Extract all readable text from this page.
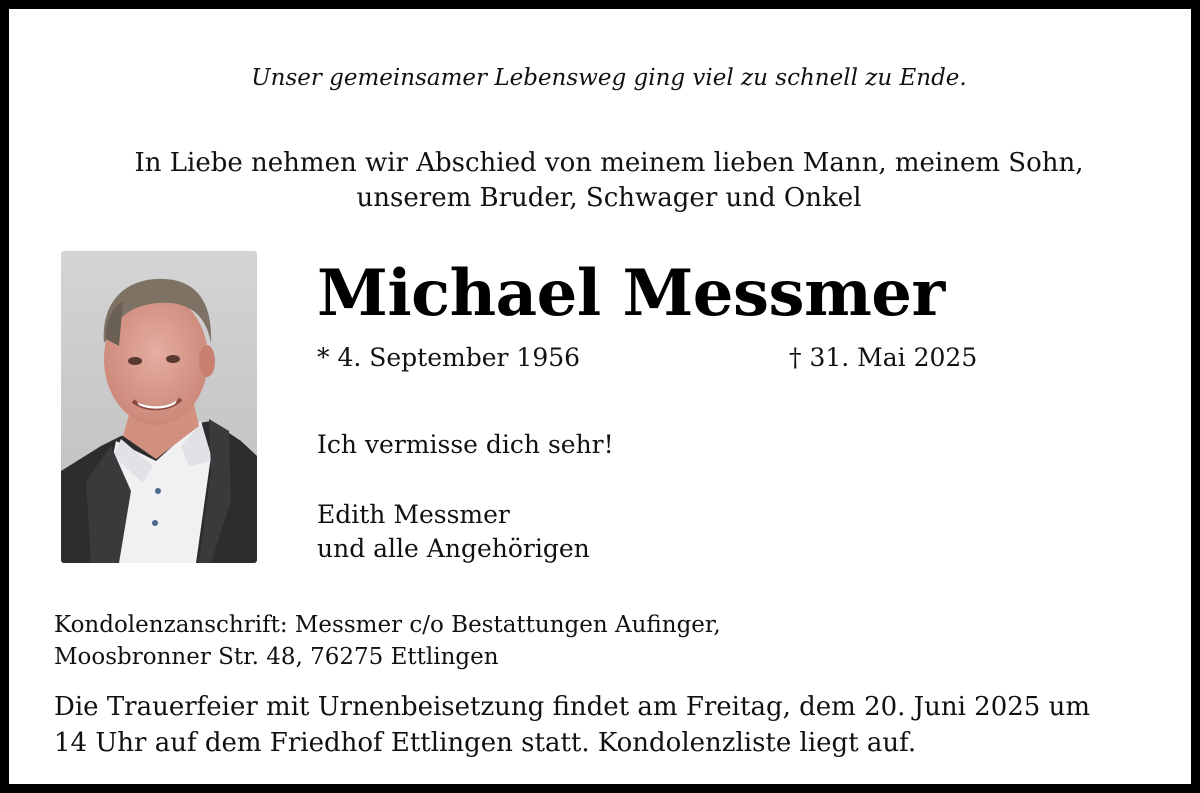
Unser gemeinsamer Lebensweg ging viel zu schnell zu Ende.
In Liebe nehmen wir Abschied von meinem lieben Mann, meinem Sohn,
unserem Bruder, Schwager und Onkel
Michael Messmer
* 4. September 1956	† 31. Mai 2025
Ich vermisse dich sehr!
Edith Messmer
und alle Angehörigen
Kondolenzanschrift: Messmer c/o Bestattungen Aufinger,
Moosbronner Str. 48, 76275 Ettlingen
Die Trauerfeier mit Urnenbeisetzung findet am Freitag, dem 20. Juni 2025 um
14 Uhr auf dem Friedhof Ettlingen statt. Kondolenzliste liegt auf.
